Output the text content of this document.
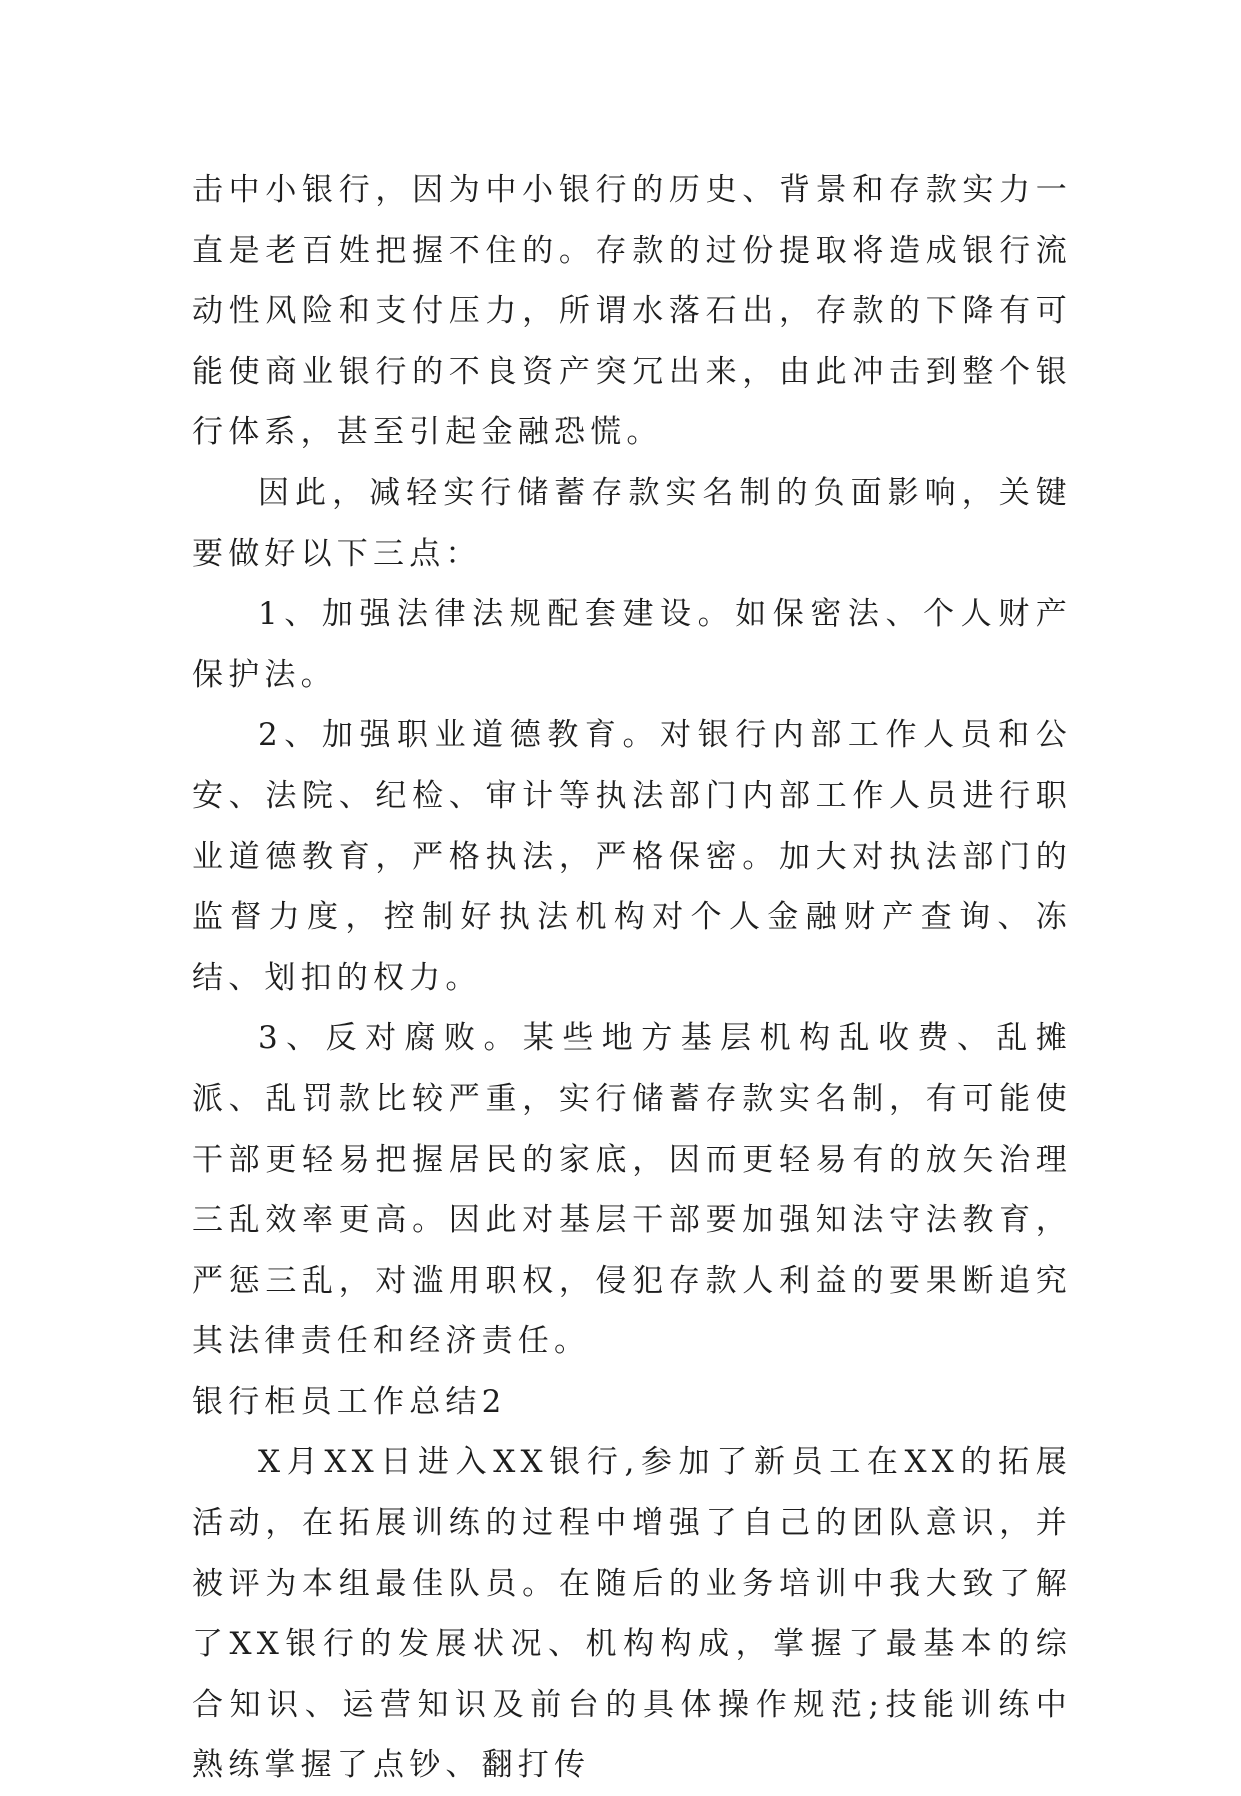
击中小银行，因为中小银行的历史、背景和存款实力一直是老百姓把握不住的。存款的过份提取将造成银行流动性风险和支付压力，所谓水落石出，存款的下降有可能使商业银行的不良资产突冗出来，由此冲击到整个银行体系，甚至引起金融恐慌。

因此，减轻实行储蓄存款实名制的负面影响，关键要做好以下三点：

1、加强法律法规配套建设。如保密法、个人财产保护法。

2、加强职业道德教育。对银行内部工作人员和公安、法院、纪检、审计等执法部门内部工作人员进行职业道德教育，严格执法，严格保密。加大对执法部门的监督力度，控制好执法机构对个人金融财产查询、冻结、划扣的权力。

3、反对腐败。某些地方基层机构乱收费、乱摊派、乱罚款比较严重，实行储蓄存款实名制，有可能使干部更轻易把握居民的家底，因而更轻易有的放矢治理三乱效率更高。因此对基层干部要加强知法守法教育，严惩三乱，对滥用职权，侵犯存款人利益的要果断追究其法律责任和经济责任。

银行柜员工作总结2

X月XX日进入XX银行,参加了新员工在XX的拓展活动，在拓展训练的过程中增强了自己的团队意识，并被评为本组最佳队员。在随后的业务培训中我大致了解了XX银行的发展状况、机构构成，掌握了最基本的综合知识、运营知识及前台的具体操作规范;技能训练中熟练掌握了点钞、翻打传
